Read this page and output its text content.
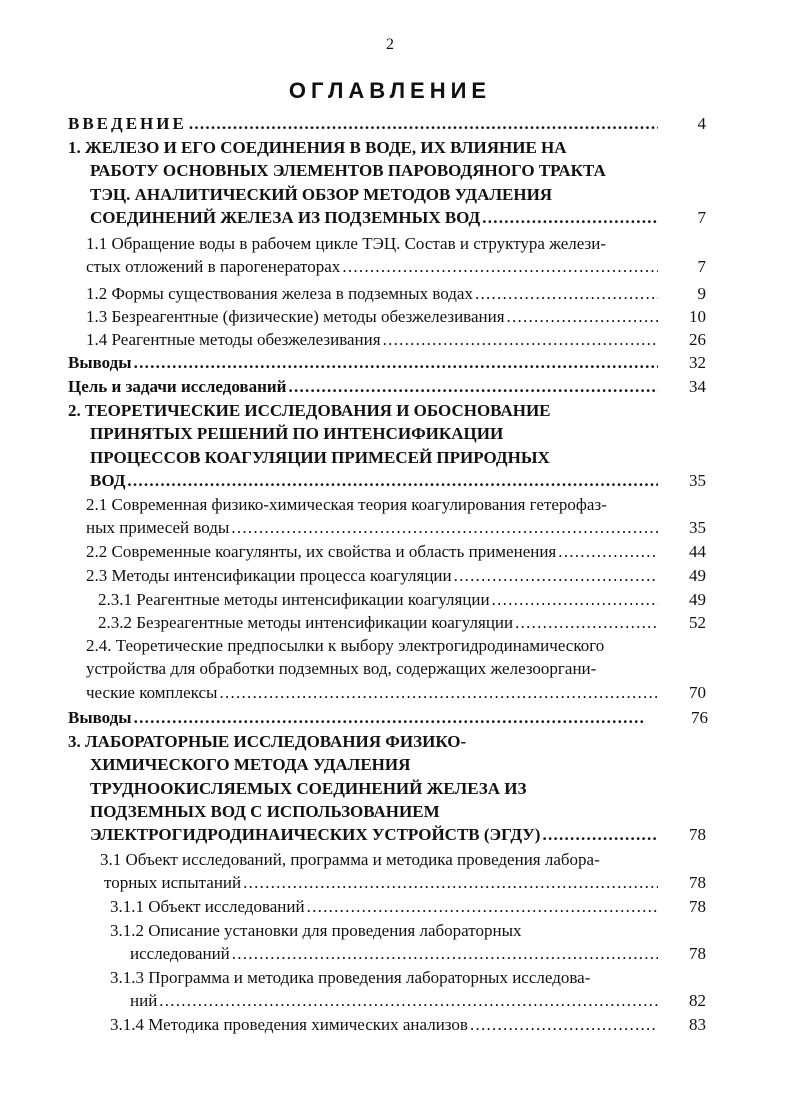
2
ОГЛАВЛЕНИЕ
ВВЕДЕНИЕ . . .	4
1. ЖЕЛЕЗО И ЕГО СОЕДИНЕНИЯ В ВОДЕ, ИХ ВЛИЯНИЕ НА
РАБОТУ ОСНОВНЫХ ЭЛЕМЕНТОВ ПАРОВОДЯНОГО ТРАКТА
ТЭЦ. АНАЛИТИЧЕСКИЙ ОБЗОР МЕТОДОВ УДАЛЕНИЯ
СОЕДИНЕНИЙ ЖЕЛЕЗА ИЗ ПОДЗЕМНЫХ ВОД . . .	7
1.1 Обращение воды в рабочем цикле ТЭЦ. Состав и структура желези-
стых отложений в парогенераторах . . .	7
1.2 Формы существования железа в подземных водах . . .	9
1.3 Безреагентные (физические) методы обезжелезивания . . .	10
1.4 Реагентные методы обезжелезивания . . .	26
Выводы . . .	32
Цель и задачи исследований . . .	34
2. ТЕОРЕТИЧЕСКИЕ ИССЛЕДОВАНИЯ И ОБОСНОВАНИЕ
ПРИНЯТЫХ РЕШЕНИЙ ПО ИНТЕНСИФИКАЦИИ
ПРОЦЕССОВ КОАГУЛЯЦИИ ПРИМЕСЕЙ ПРИРОДНЫХ
ВОД . . .	35
2.1 Современная физико-химическая теория коагулирования гетерофаз-
ных примесей воды . . .	35
2.2 Современные коагулянты, их свойства и область применения . . .	44
2.3 Методы интенсификации процесса коагуляции . . .	49
2.3.1 Реагентные методы интенсификации коагуляции . . .	49
2.3.2 Безреагентные методы интенсификации коагуляции . . .	52
2.4. Теоретические предпосылки к выбору электрогидродинамического
устройства для обработки подземных вод, содержащих железооргани-
ческие комплексы . . .	70
Выводы . . .	76
3. ЛАБОРАТОРНЫЕ ИССЛЕДОВАНИЯ ФИЗИКО-
ХИМИЧЕСКОГО МЕТОДА УДАЛЕНИЯ
ТРУДНООКИСЛЯЕМЫХ СОЕДИНЕНИЙ ЖЕЛЕЗА ИЗ
ПОДЗЕМНЫХ ВОД С ИСПОЛЬЗОВАНИЕМ
ЭЛЕКТРОГИДРОДИНАИЧЕСКИХ УСТРОЙСТВ (ЭГДУ) . . .	78
3.1 Объект исследований, программа и методика проведения лабора-
торных испытаний . . .	78
3.1.1 Объект исследований . . .	78
3.1.2 Описание установки для проведения лабораторных
исследований . . .	78
3.1.3 Программа и методика проведения лабораторных исследова-
ний . . .	82
3.1.4 Методика проведения химических анализов . . .	83
